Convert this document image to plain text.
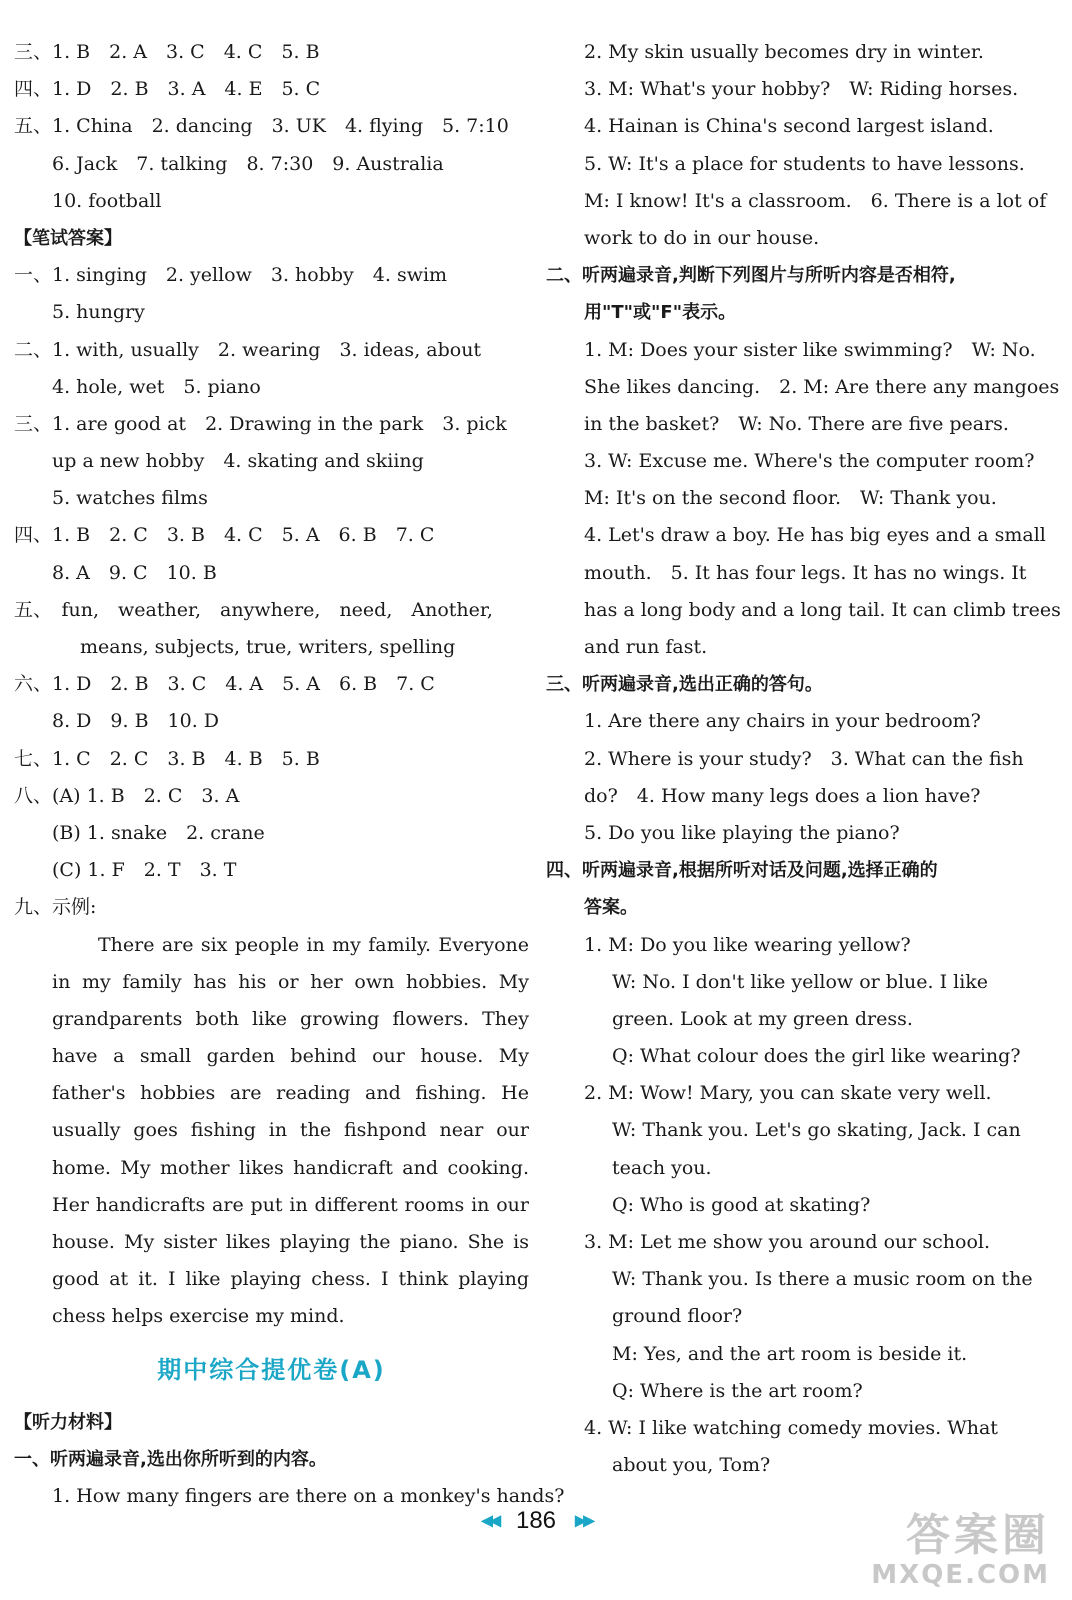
三、1. B　2. A　3. C　4. C　5. B
四、1. D　2. B　3. A　4. E　5. C
五、1. China　2. dancing　3. UK　4. flying　5. 7:10
6. Jack　7. talking　8. 7:30　9. Australia
10. football
【笔试答案】
一、1. singing　2. yellow　3. hobby　4. swim
5. hungry
二、1. with, usually　2. wearing　3. ideas, about
4. hole, wet　5. piano
三、1. are good at　2. Drawing in the park　3. pick
up a new hobby　4. skating and skiing
5. watches films
四、1. B　2. C　3. B　4. C　5. A　6. B　7. C
8. A　9. C　10. B
五、　fun,　weather,　anywhere,　need,　Another,
means, subjects, true, writers, spelling
六、1. D　2. B　3. C　4. A　5. A　6. B　7. C
8. D　9. B　10. D
七、1. C　2. C　3. B　4. B　5. B
八、(A) 1. B　2. C　3. A
(B) 1. snake　2. crane
(C) 1. F　2. T　3. T
九、示例:
There are six people in my family. Everyone
in my family has his or her own hobbies. My
grandparents both like growing flowers. They
have a small garden behind our house. My
father's hobbies are reading and fishing. He
usually goes fishing in the fishpond near our
home. My mother likes handicraft and cooking.
Her handicrafts are put in different rooms in our
house. My sister likes playing the piano. She is
good at it. I like playing chess. I think playing
chess helps exercise my mind.
期中综合提优卷(A)
【听力材料】
一、听两遍录音,选出你所听到的内容。
1. How many fingers are there on a monkey's hands?
2. My skin usually becomes dry in winter.
3. M: What's your hobby?　W: Riding horses.
4. Hainan is China's second largest island.
5. W: It's a place for students to have lessons.
M: I know! It's a classroom.　6. There is a lot of
work to do in our house.
二、听两遍录音,判断下列图片与所听内容是否相符,
用"T"或"F"表示。
1. M: Does your sister like swimming?　W: No.
She likes dancing.　2. M: Are there any mangoes
in the basket?　W: No. There are five pears.
3. W: Excuse me. Where's the computer room?
M: It's on the second floor.　W: Thank you.
4. Let's draw a boy. He has big eyes and a small
mouth.　5. It has four legs. It has no wings. It
has a long body and a long tail. It can climb trees
and run fast.
三、听两遍录音,选出正确的答句。
1. Are there any chairs in your bedroom?
2. Where is your study?　3. What can the fish
do?　4. How many legs does a lion have?
5. Do you like playing the piano?
四、听两遍录音,根据所听对话及问题,选择正确的
答案。
1. M: Do you like wearing yellow?
W: No. I don't like yellow or blue. I like
green. Look at my green dress.
Q: What colour does the girl like wearing?
2. M: Wow! Mary, you can skate very well.
W: Thank you. Let's go skating, Jack. I can
teach you.
Q: Who is good at skating?
3. M: Let me show you around our school.
W: Thank you. Is there a music room on the
ground floor?
M: Yes, and the art room is beside it.
Q: Where is the art room?
4. W: I like watching comedy movies. What
about you, Tom?
◀◀ 186 ▶▶	答案圈
MXQE.COM
